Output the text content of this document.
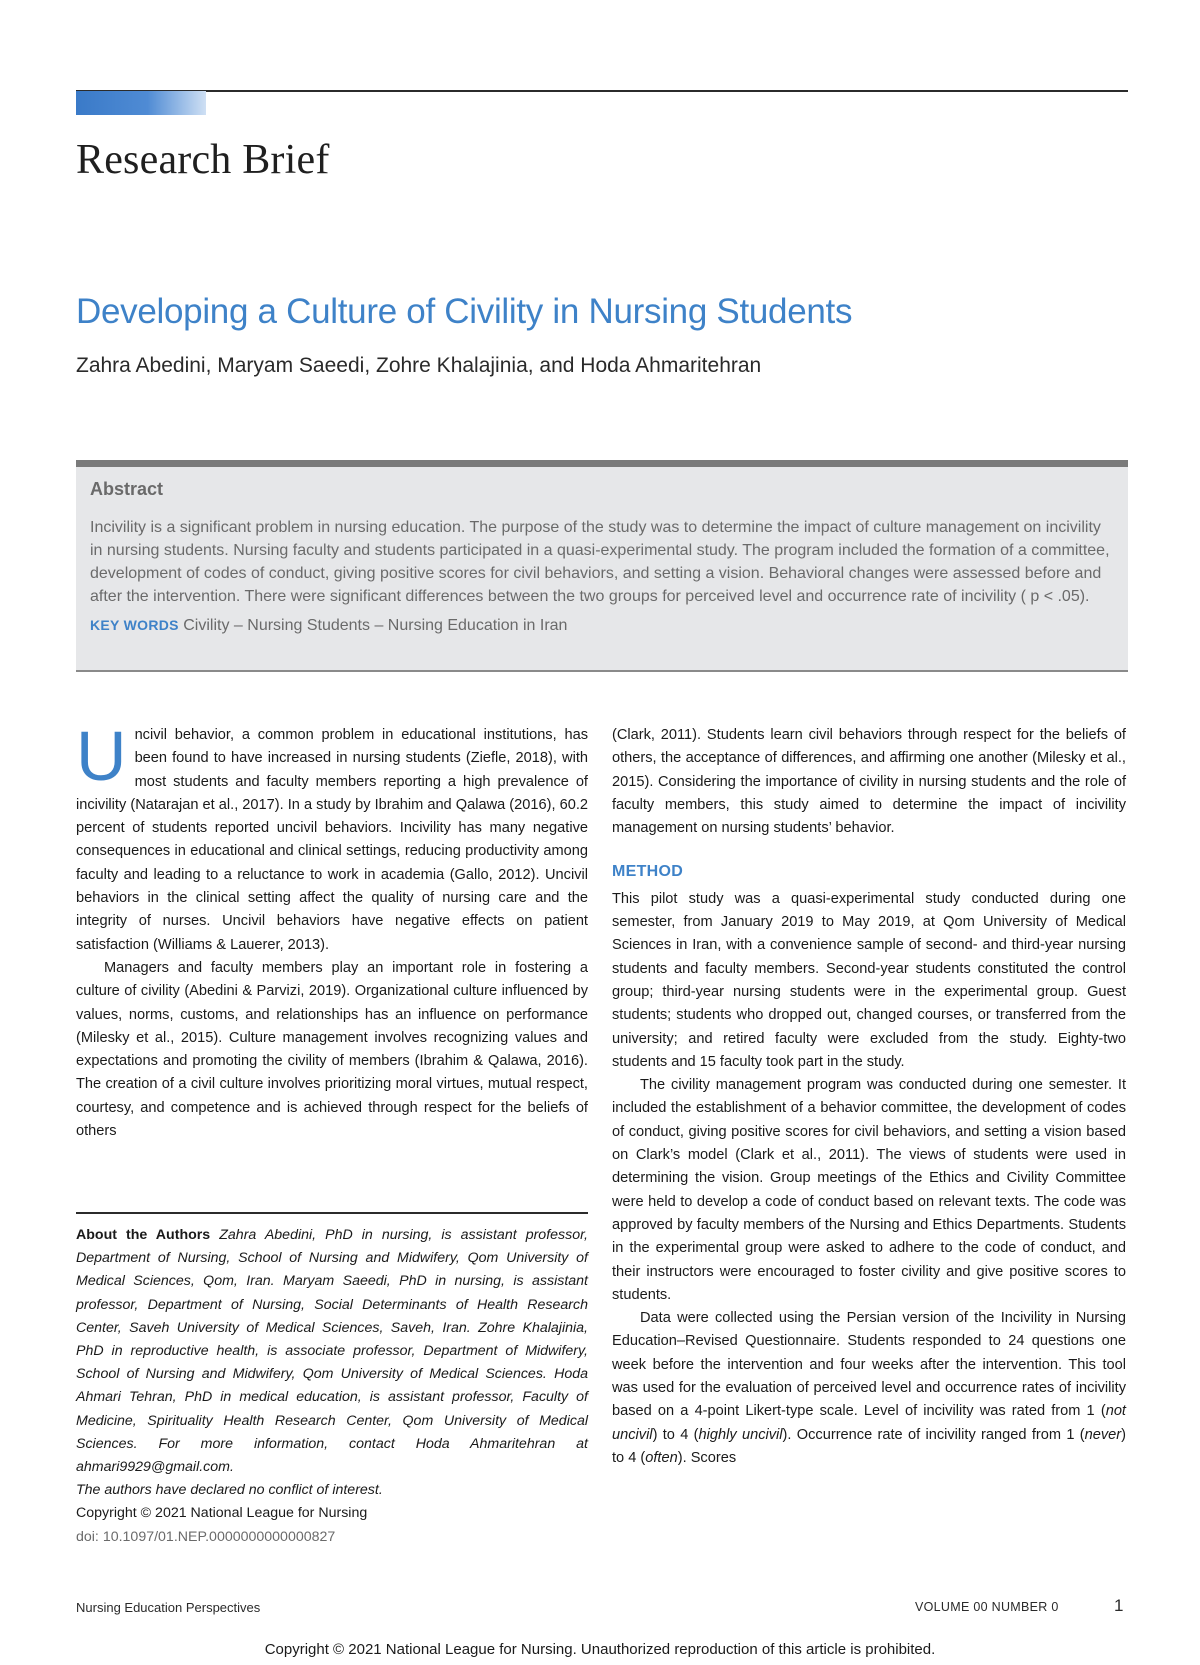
Research Brief
Developing a Culture of Civility in Nursing Students
Zahra Abedini, Maryam Saeedi, Zohre Khalajinia, and Hoda Ahmaritehran
Abstract

Incivility is a significant problem in nursing education. The purpose of the study was to determine the impact of culture management on incivility in nursing students. Nursing faculty and students participated in a quasi-experimental study. The program included the formation of a committee, development of codes of conduct, giving positive scores for civil behaviors, and setting a vision. Behavioral changes were assessed before and after the intervention. There were significant differences between the two groups for perceived level and occurrence rate of incivility ( p < .05).

KEY WORDS Civility – Nursing Students – Nursing Education in Iran

Uncivil behavior, a common problem in educational institutions, has been found to have increased in nursing students (Ziefle, 2018), with most students and faculty members reporting a high prevalence of incivility (Natarajan et al., 2017). In a study by Ibrahim and Qalawa (2016), 60.2 percent of students reported uncivil behaviors. Incivility has many negative consequences in educational and clinical settings, reducing productivity among faculty and leading to a reluctance to work in academia (Gallo, 2012). Uncivil behaviors in the clinical setting affect the quality of nursing care and the integrity of nurses. Uncivil behaviors have negative effects on patient satisfaction (Williams & Lauerer, 2013).

Managers and faculty members play an important role in fostering a culture of civility (Abedini & Parvizi, 2019). Organizational culture influenced by values, norms, customs, and relationships has an influence on performance (Milesky et al., 2015). Culture management involves recognizing values and expectations and promoting the civility of members (Ibrahim & Qalawa, 2016). The creation of a civil culture involves prioritizing moral virtues, mutual respect, courtesy, and competence and is achieved through respect for the beliefs of others

(Clark, 2011). Students learn civil behaviors through respect for the beliefs of others, the acceptance of differences, and affirming one another (Milesky et al., 2015). Considering the importance of civility in nursing students and the role of faculty members, this study aimed to determine the impact of incivility management on nursing students’ behavior.

METHOD

This pilot study was a quasi-experimental study conducted during one semester, from January 2019 to May 2019, at Qom University of Medical Sciences in Iran, with a convenience sample of second- and third-year nursing students and faculty members. Second-year students constituted the control group; third-year nursing students were in the experimental group. Guest students; students who dropped out, changed courses, or transferred from the university; and retired faculty were excluded from the study. Eighty-two students and 15 faculty took part in the study.

The civility management program was conducted during one semester. It included the establishment of a behavior committee, the development of codes of conduct, giving positive scores for civil behaviors, and setting a vision based on Clark’s model (Clark et al., 2011). The views of students were used in determining the vision. Group meetings of the Ethics and Civility Committee were held to develop a code of conduct based on relevant texts. The code was approved by faculty members of the Nursing and Ethics Departments. Students in the experimental group were asked to adhere to the code of conduct, and their instructors were encouraged to foster civility and give positive scores to students.

Data were collected using the Persian version of the Incivility in Nursing Education–Revised Questionnaire. Students responded to 24 questions one week before the intervention and four weeks after the intervention. This tool was used for the evaluation of perceived level and occurrence rates of incivility based on a 4-point Likert-type scale. Level of incivility was rated from 1 (not uncivil) to 4 (highly uncivil). Occurrence rate of incivility ranged from 1 (never) to 4 (often). Scores

About the Authors Zahra Abedini, PhD in nursing, is assistant professor, Department of Nursing, School of Nursing and Midwifery, Qom University of Medical Sciences, Qom, Iran. Maryam Saeedi, PhD in nursing, is assistant professor, Department of Nursing, Social Determinants of Health Research Center, Saveh University of Medical Sciences, Saveh, Iran. Zohre Khalajinia, PhD in reproductive health, is associate professor, Department of Midwifery, School of Nursing and Midwifery, Qom University of Medical Sciences. Hoda Ahmari Tehran, PhD in medical education, is assistant professor, Faculty of Medicine, Spirituality Health Research Center, Qom University of Medical Sciences. For more information, contact Hoda Ahmaritehran at ahmari9929@gmail.com.

The authors have declared no conflict of interest.

Copyright © 2021 National League for Nursing

doi: 10.1097/01.NEP.0000000000000827

Nursing Education Perspectives	VOLUME 00 NUMBER 0	1
Copyright © 2021 National League for Nursing. Unauthorized reproduction of this article is prohibited.
